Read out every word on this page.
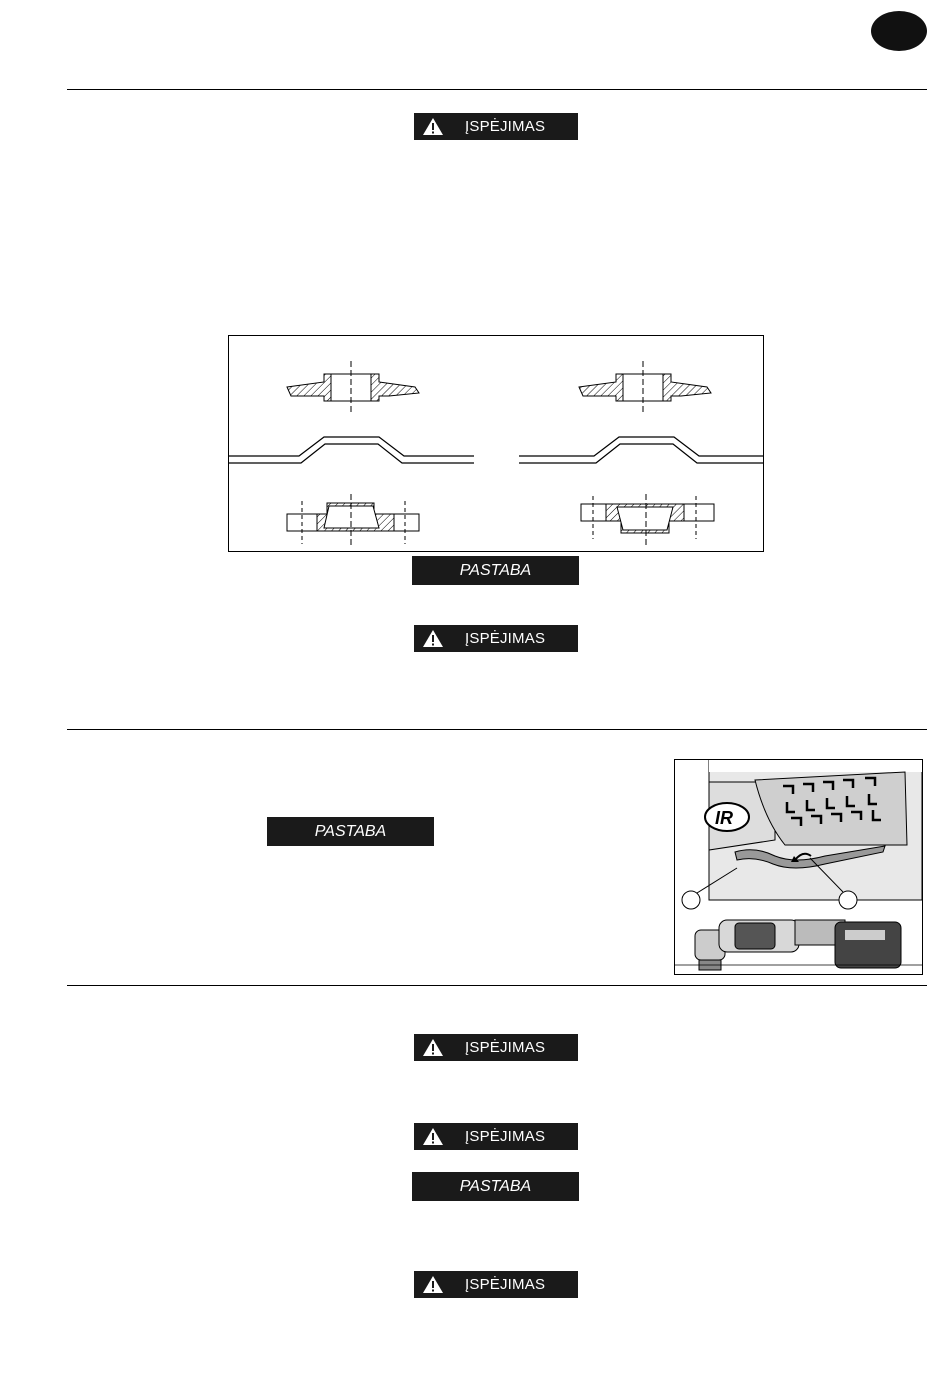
ĮSPĖJIMAS
ĮSPĖJIMAS
ĮSPĖJIMAS
ĮSPĖJIMAS
ĮSPĖJIMAS
PASTABA
PASTABA
PASTABA
IR
